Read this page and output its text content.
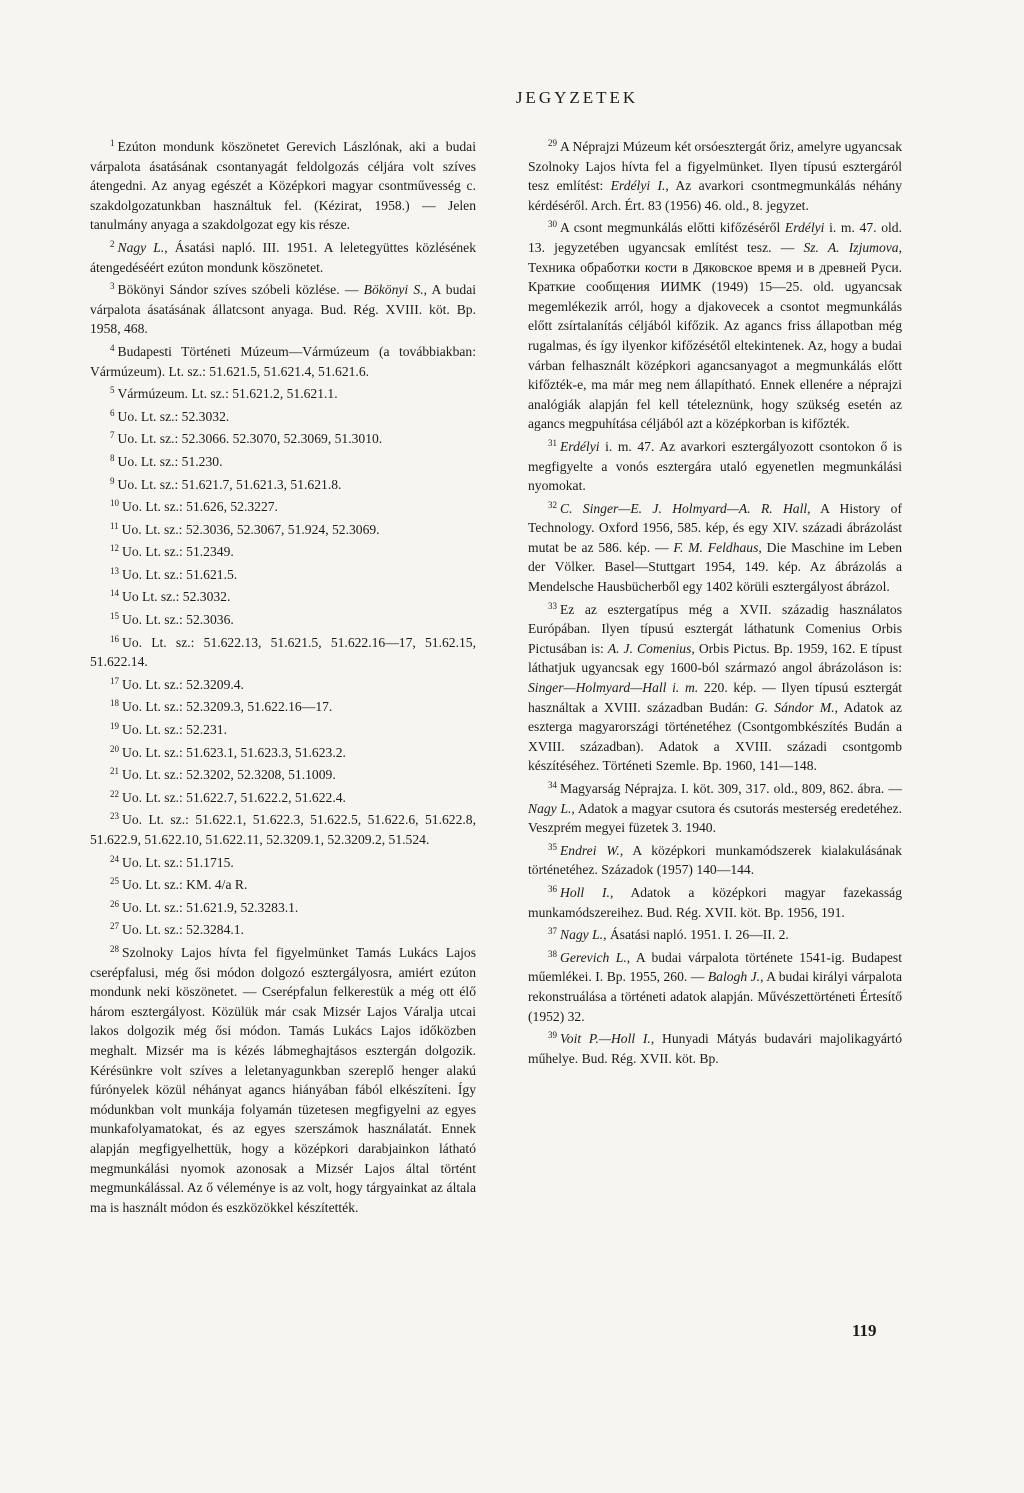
JEGYZETEK

$^1$ Ezúton mondunk köszönetet Gerevich Lászlónak, aki a budai várpalota ásatásának csontanyagát feldolgozás céljára volt szíves átengedni. Az anyag egészét a Középkori magyar csontművesség c. szakdolgozatunkban használtuk fel. (Kézirat, 1958.) — Jelen tanulmány anyaga a szakdolgozat egy kis része.

$^2$ Nagy L., Ásatási napló. III. 1951. A leletegyüttes közlésének átengedéséért ezúton mondunk köszönetet.

$^3$ Bökönyi Sándor szíves szóbeli közlése. — Bökönyi S., A budai várpalota ásatásának állatcsont anyaga. Bud. Rég. XVIII. köt. Bp. 1958, 468.

$^4$ Budapesti Történeti Múzeum—Vármúzeum (a továbbiakban: Vármúzeum). Lt. sz.: 51.621.5, 51.621.4, 51.621.6.

$^5$ Vármúzeum. Lt. sz.: 51.621.2, 51.621.1.

$^6$ Uo. Lt. sz.: 52.3032.

$^7$ Uo. Lt. sz.: 52.3066. 52.3070, 52.3069, 51.3010.

$^8$ Uo. Lt. sz.: 51.230.

$^9$ Uo. Lt. sz.: 51.621.7, 51.621.3, 51.621.8.

$^{10}$ Uo. Lt. sz.: 51.626, 52.3227.

$^{11}$ Uo. Lt. sz.: 52.3036, 52.3067, 51.924, 52.3069.

$^{12}$ Uo. Lt. sz.: 51.2349.

$^{13}$ Uo. Lt. sz.: 51.621.5.

$^{14}$ Uo Lt. sz.: 52.3032.

$^{15}$ Uo. Lt. sz.: 52.3036.

$^{16}$ Uo. Lt. sz.: 51.622.13, 51.621.5, 51.622.16—17, 51.62.15, 51.622.14.

$^{17}$ Uo. Lt. sz.: 52.3209.4.

$^{18}$ Uo. Lt. sz.: 52.3209.3, 51.622.16—17.

$^{19}$ Uo. Lt. sz.: 52.231.

$^{20}$ Uo. Lt. sz.: 51.623.1, 51.623.3, 51.623.2.

$^{21}$ Uo. Lt. sz.: 52.3202, 52.3208, 51.1009.

$^{22}$ Uo. Lt. sz.: 51.622.7, 51.622.2, 51.622.4.

$^{23}$ Uo. Lt. sz.: 51.622.1, 51.622.3, 51.622.5, 51.622.6, 51.622.8, 51.622.9, 51.622.10, 51.622.11, 52.3209.1, 52.3209.2, 51.524.

$^{24}$ Uo. Lt. sz.: 51.1715.

$^{25}$ Uo. Lt. sz.: KM. 4/a R.

$^{26}$ Uo. Lt. sz.: 51.621.9, 52.3283.1.

$^{27}$ Uo. Lt. sz.: 52.3284.1.

$^{28}$ Szolnoky Lajos hívta fel figyelmünket Tamás Lukács Lajos cserépfalusi, még ősi módon dolgozó esztergályosra, amiért ezúton mondunk neki köszönetet. — Cserépfalun felkerestük a még ott élő három esztergályost. Közülük már csak Mizsér Lajos Váralja utcai lakos dolgozik még ősi módon. Tamás Lukács Lajos időközben meghalt. Mizsér ma is kézés lábmeghajtásos esztergán dolgozik. Kérésünkre volt szíves a leletanyagunkban szereplő henger alakú fúrónyelek közül néhányat agancs hiányában fából elkészíteni. Így módunkban volt munkája folyamán tüzetesen megfigyelni az egyes munkafolyamatokat, és az egyes szerszámok használatát. Ennek alapján megfigyelhettük, hogy a középkori darabjainkon látható megmunkálási nyomok azonosak a Mizsér Lajos által történt megmunkálással. Az ő véleménye is az volt, hogy tárgyainkat az általa ma is használt módon és eszközökkel készítették.

$^{29}$ A Néprajzi Múzeum két orsóesztergát őriz, amelyre ugyancsak Szolnoky Lajos hívta fel a figyelmünket. Ilyen típusú esztergáról tesz említést: Erdélyi I., Az avarkori csontmegmunkálás néhány kérdéséről. Arch. Ért. 83 (1956) 46. old., 8. jegyzet.

$^{30}$ A csont megmunkálás előtti kifőzéséről Erdélyi i. m. 47. old. 13. jegyzetében ugyancsak említést tesz. — Sz. A. Izjumova, Техника обработки кости в Дяковское время и в древней Руси. Краткие сообщения ИИМК (1949) 15—25. old. ugyancsak megemlékezik arról, hogy a djakovecek a csontot megmunkálás előtt zsírtalanítás céljából kifőzik. Az agancs friss állapotban még rugalmas, és így ilyenkor kifőzésétől eltekintenek. Az, hogy a budai várban felhasznált középkori agancsanyagot a megmunkálás előtt kifőzték-e, ma már meg nem állapítható. Ennek ellenére a néprajzi analógiák alapján fel kell tételeznünk, hogy szükség esetén az agancs megpuhítása céljából azt a középkorban is kifőzték.

$^{31}$ Erdélyi i. m. 47. Az avarkori esztergályozott csontokon ő is megfigyelte a vonós esztergára utaló egyenetlen megmunkálási nyomokat.

$^{32}$ C. Singer—E. J. Holmyard—A. R. Hall, A History of Technology. Oxford 1956, 585. kép, és egy XIV. századi ábrázolást mutat be az 586. kép. — F. M. Feldhaus, Die Maschine im Leben der Völker. Basel—Stuttgart 1954, 149. kép. Az ábrázolás a Mendelsche Hausbücherből egy 1402 körüli esztergályost ábrázol.

$^{33}$ Ez az esztergatípus még a XVII. századig használatos Európában. Ilyen típusú esztergát láthatunk Comenius Orbis Pictusában is: A. J. Comenius, Orbis Pictus. Bp. 1959, 162. E típust láthatjuk ugyancsak egy 1600-ból származó angol ábrázoláson is: Singer—Holmyard—Hall i. m. 220. kép. — Ilyen típusú esztergát használtak a XVIII. században Budán: G. Sándor M., Adatok az eszterga magyarországi történetéhez (Csontgombkészítés Budán a XVIII. században). Adatok a XVIII. századi csontgomb készítéséhez. Történeti Szemle. Bp. 1960, 141—148.

$^{34}$ Magyarság Néprajza. I. köt. 309, 317. old., 809, 862. ábra. — Nagy L., Adatok a magyar csutora és csutorás mesterség eredetéhez. Veszprém megyei füzetek 3. 1940.

$^{35}$ Endrei W., A középkori munkamódszerek kialakulásának történetéhez. Századok (1957) 140—144.

$^{36}$ Holl I., Adatok a középkori magyar fazekasság munkamódszereihez. Bud. Rég. XVII. köt. Bp. 1956, 191.

$^{37}$ Nagy L., Ásatási napló. 1951. I. 26—II. 2.

$^{38}$ Gerevich L., A budai várpalota története 1541-ig. Budapest műemlékei. I. Bp. 1955, 260. — Balogh J., A budai királyi várpalota rekonstruálása a történeti adatok alapján. Művészettörténeti Értesítő (1952) 32.

$^{39}$ Voit P.—Holl I., Hunyadi Mátyás budavári majolikagyártó műhelye. Bud. Rég. XVII. köt. Bp.

119
